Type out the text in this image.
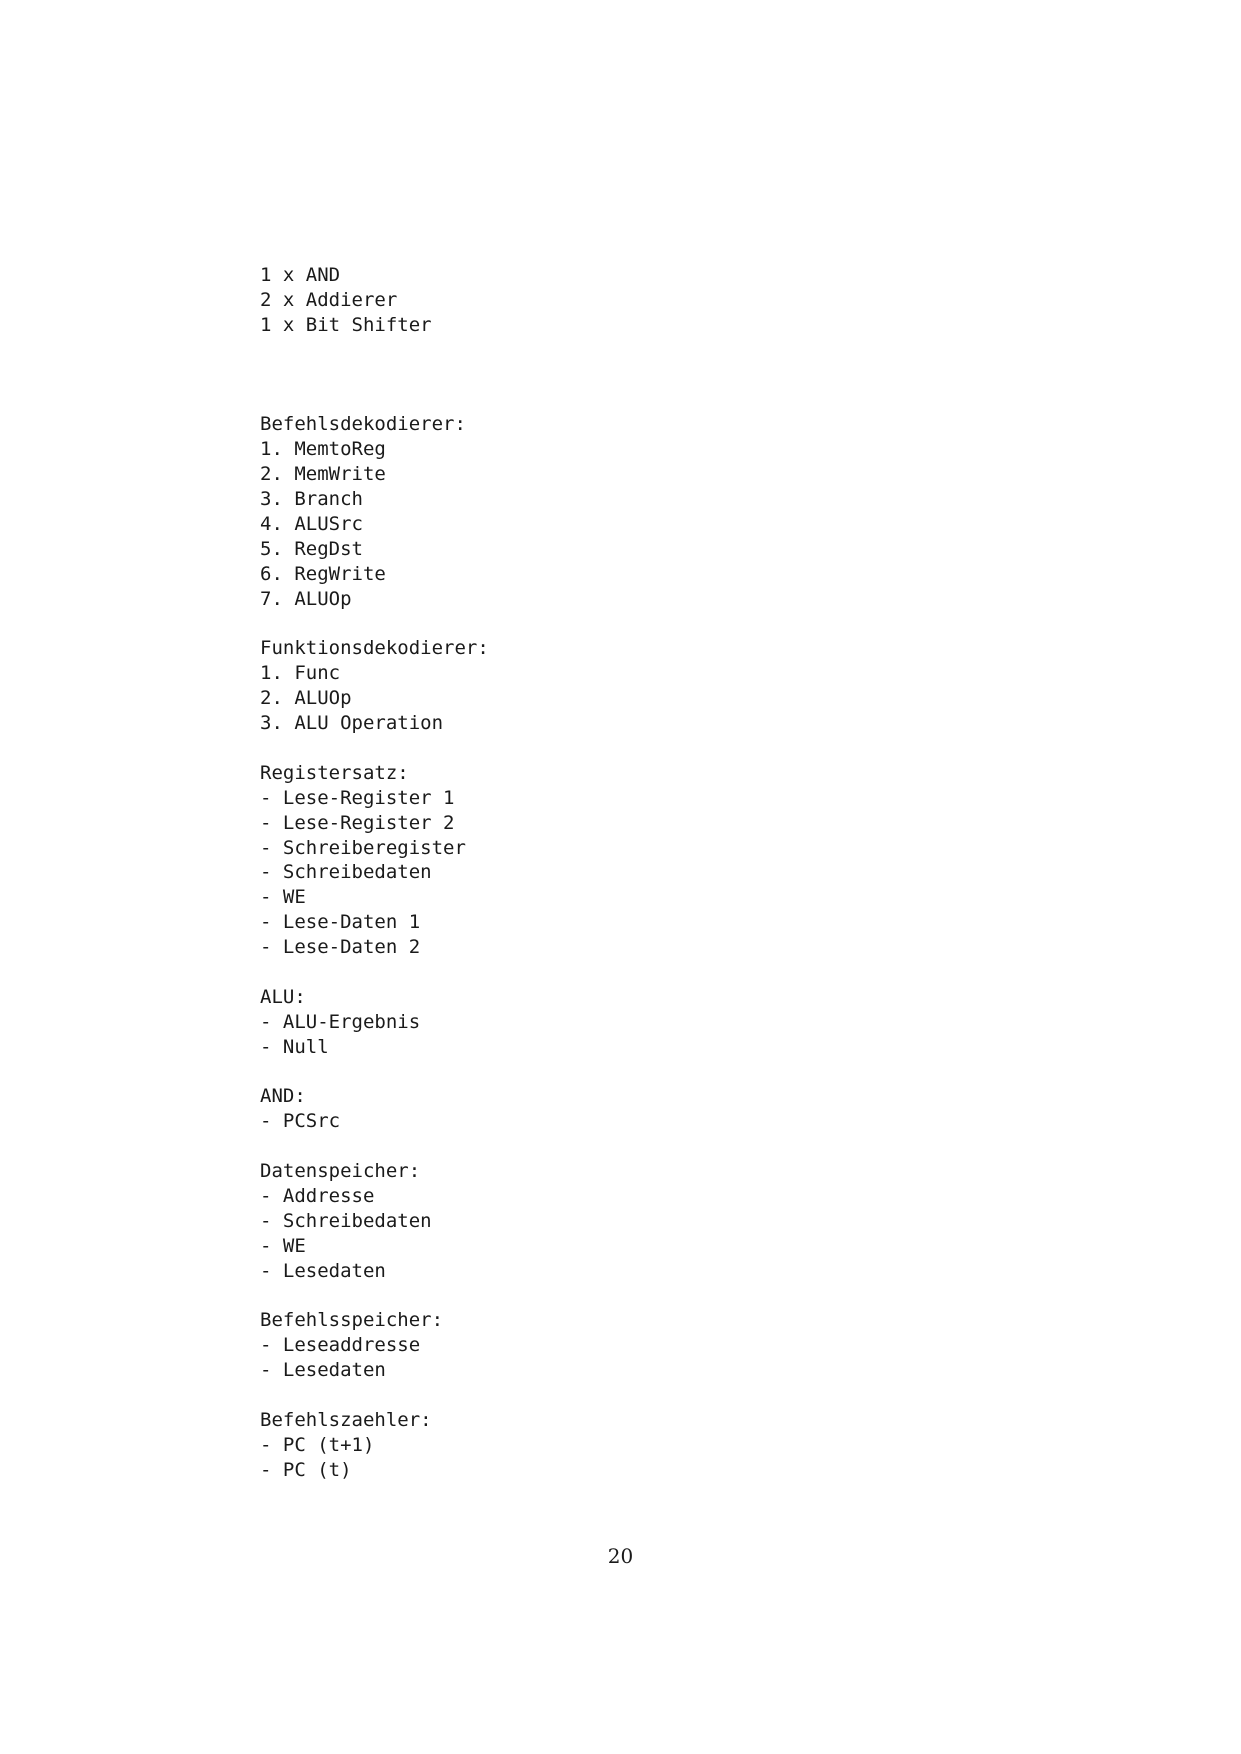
1 x AND
2 x Addierer
1 x Bit Shifter
Befehlsdekodierer:
1. MemtoReg
2. MemWrite
3. Branch
4. ALUSrc
5. RegDst
6. RegWrite
7. ALUOp
Funktionsdekodierer:
1. Func
2. ALUOp
3. ALU Operation
Registersatz:
- Lese-Register 1
- Lese-Register 2
- Schreiberegister
- Schreibedaten
- WE
- Lese-Daten 1
- Lese-Daten 2
ALU:
- ALU-Ergebnis
- Null
AND:
- PCSrc
Datenspeicher:
- Addresse
- Schreibedaten
- WE
- Lesedaten
Befehlsspeicher:
- Leseaddresse
- Lesedaten
Befehlszaehler:
- PC (t+1)
- PC (t)
20
